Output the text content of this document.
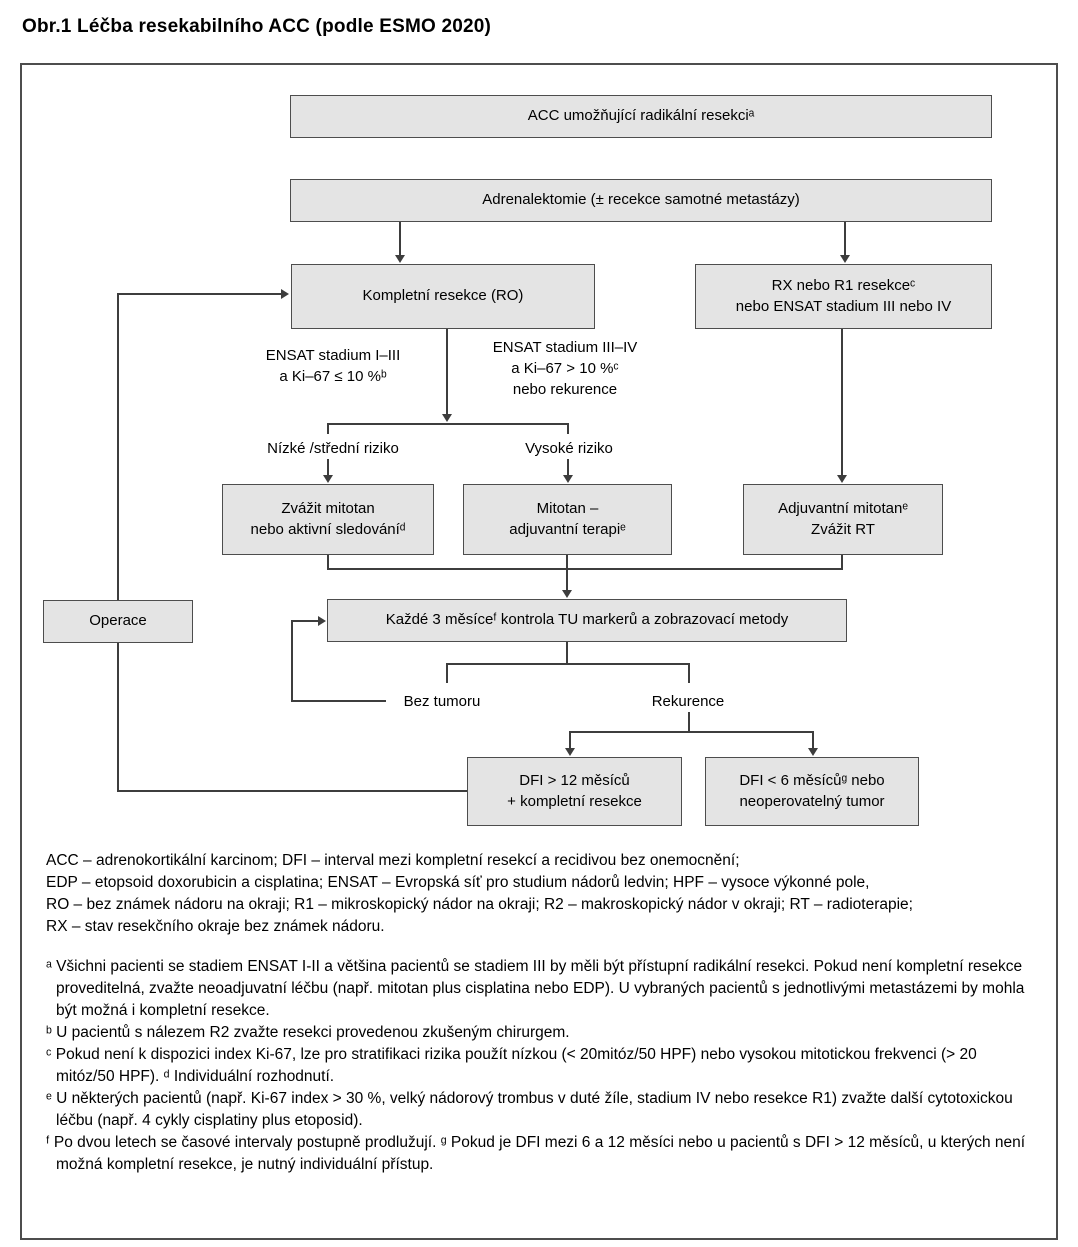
Obr.1 Léčba resekabilního ACC (podle ESMO 2020)
ACC umožňující radikální resekciᵃ
Adrenalektomie (± recekce samotné metastázy)
Kompletní resekce (RO)
RX nebo R1 resekceᶜ
nebo ENSAT stadium III nebo IV
Zvážit mitotan
nebo aktivní sledováníᵈ
Mitotan –
adjuvantní terapiᵉ
Adjuvantní mitotanᵉ
Zvážit RT
Každé 3 měsíceᶠ kontrola TU markerů a zobrazovací metody
Operace
DFI > 12 měsíců
+ kompletní resekce
DFI < 6 měsícůᵍ nebo
neoperovatelný tumor
ENSAT stadium I–III
a Ki–67 ≤ 10 %ᵇ
ENSAT stadium III–IV
a Ki–67 > 10 %ᶜ
nebo rekurence
Nízké /střední riziko	Vysoké riziko
Bez tumoru	Rekurence

ACC – adrenokortikální karcinom; DFI – interval mezi kompletní resekcí a recidivou bez onemocnění;

EDP – etopsoid doxorubicin a cisplatina; ENSAT – Evropská síť pro studium nádorů ledvin; HPF – vysoce výkonné pole,

RO – bez známek nádoru na okraji; R1 – mikroskopický nádor na okraji; R2 – makroskopický nádor v okraji; RT – radioterapie;

RX – stav resekčního okraje bez známek nádoru.

ᵃ Všichni pacienti se stadiem ENSAT I-II a většina pacientů se stadiem III by měli být přístupní radikální resekci. Pokud není kompletní resekce proveditelná, zvažte neoadjuvatní léčbu (např. mitotan plus cisplatina nebo EDP). U vybraných pacientů s jednotlivými metastázemi by mohla být možná i kompletní resekce.

ᵇ U pacientů s nálezem R2 zvažte resekci provedenou zkušeným chirurgem.

ᶜ Pokud není k dispozici index Ki-67, lze pro stratifikaci rizika použít nízkou (< 20mitóz/50 HPF) nebo vysokou mitotickou frekvenci (> 20 mitóz/50 HPF). ᵈ Individuální rozhodnutí.

ᵉ U některých pacientů (např. Ki-67 index > 30 %, velký nádorový trombus v duté žíle, stadium IV nebo resekce R1) zvažte další cytotoxickou léčbu (např. 4 cykly cisplatiny plus etoposid).

ᶠ Po dvou letech se časové intervaly postupně prodlužují. ᵍ Pokud je DFI mezi 6 a 12 měsíci nebo u pacientů s DFI > 12 měsíců, u kterých není možná kompletní resekce, je nutný individuální přístup.
